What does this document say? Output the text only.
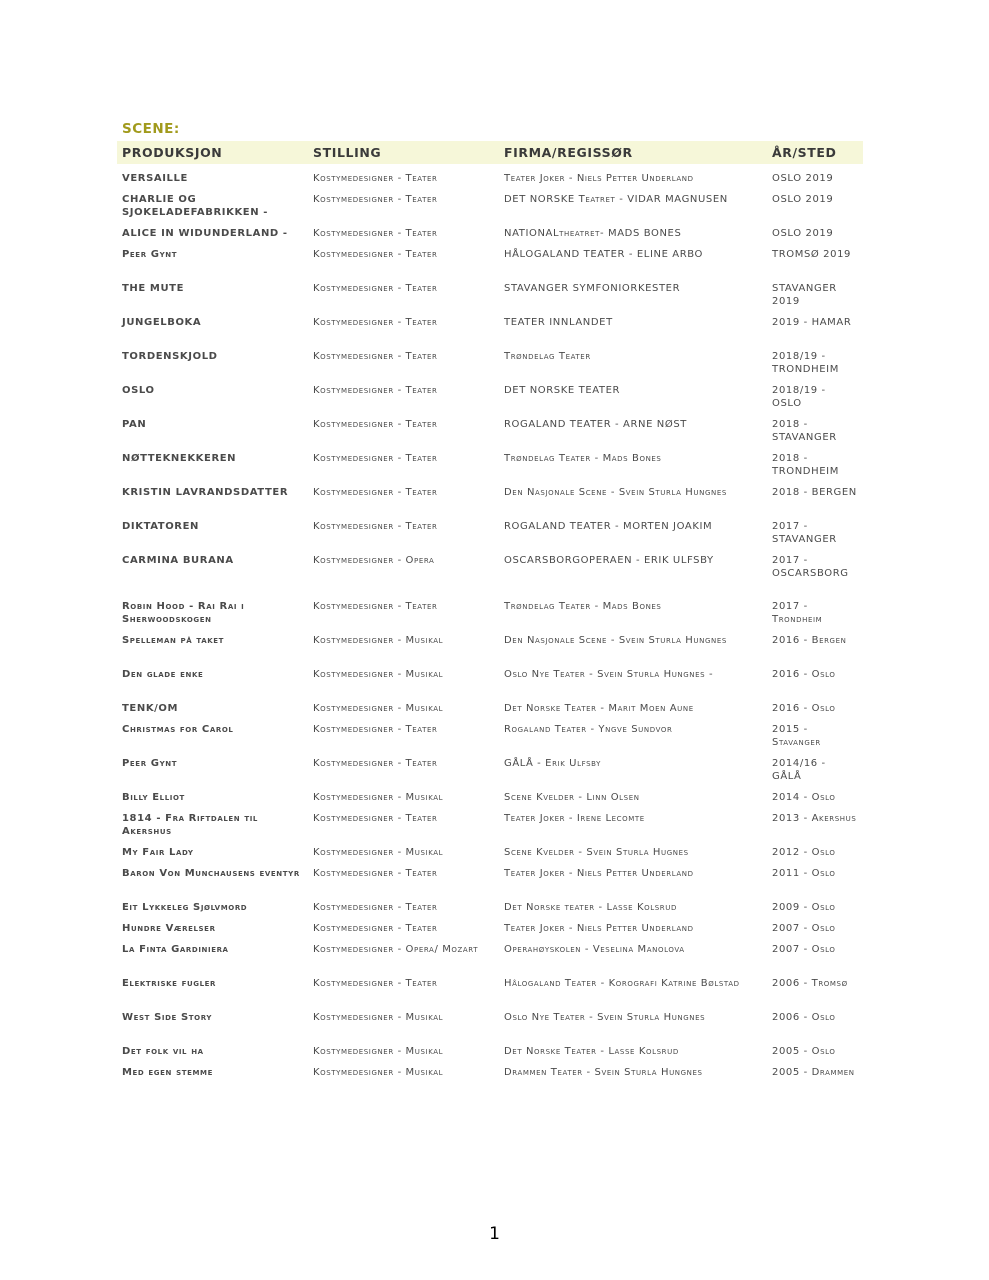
SCENE:
PRODUKSJON	STILLING	FIRMA/REGISSØR	ÅR/STED
VERSAILLE	Kostymedesigner - Teater	Teater Joker - Niels Petter Underland	OSLO 2019
CHARLIE OG SJOKELADEFABRIKKEN -	Kostymedesigner - Teater	DET NORSKE Teatret - VIDAR MAGNUSEN	OSLO 2019
ALICE IN WIDUNDERLAND -	Kostymedesigner - Teater	NATIONALtheatret- MADS BONES	OSLO 2019
Peer Gynt	Kostymedesigner - Teater	HÅLOGALAND TEATER - ELINE ARBO	TROMSØ 2019
THE MUTE	Kostymedesigner - Teater	STAVANGER SYMFONIORKESTER	STAVANGER 2019
JUNGELBOKA	Kostymedesigner - Teater	TEATER INNLANDET	2019 - HAMAR
TORDENSKJOLD	Kostymedesigner - Teater	Trøndelag Teater	2018/19 - TRONDHEIM
OSLO	Kostymedesigner - Teater	DET NORSKE TEATER	2018/19 - OSLO
PAN	Kostymedesigner - Teater	ROGALAND TEATER - ARNE NØST	2018 - STAVANGER
NØTTEKNEKKEREN	Kostymedesigner - Teater	Trøndelag Teater - Mads Bones	2018 - TRONDHEIM
KRISTIN LAVRANDSDATTER	Kostymedesigner - Teater	Den Nasjonale Scene - Svein Sturla Hungnes	2018 - BERGEN
DIKTATOREN	Kostymedesigner - Teater	ROGALAND TEATER - MORTEN JOAKIM	2017 - STAVANGER
CARMINA BURANA	Kostymedesigner - Opera	OSCARSBORGOPERAEN - ERIK ULFSBY	2017 - OSCARSBORG
Robin Hood - Rai Rai i Sherwoodskogen	Kostymedesigner - Teater	Trøndelag Teater - Mads Bones	2017 - Trondheim
Spelleman på taket	Kostymedesigner - Musikal	Den Nasjonale Scene - Svein Sturla Hungnes	2016 - Bergen
Den glade enke	Kostymedesigner - Musikal	Oslo Nye Teater - Svein Sturla Hungnes -	2016 - Oslo
TENK/OM	Kostymedesigner - Musikal	Det Norske Teater - Marit Moen Aune	2016 - Oslo
Christmas for Carol	Kostymedesigner - Teater	Rogaland Teater - Yngve Sundvor	2015 - Stavanger
Peer Gynt	Kostymedesigner - Teater	GÅLÅ - Erik Ulfsby	2014/16 - GÅLÅ
Billy Elliot	Kostymedesigner - Musikal	Scene Kvelder - Linn Olsen	2014 - Oslo
1814 - Fra Riftdalen til Akershus	Kostymedesigner - Teater	Teater Joker - Irene Lecomte	2013 - Akershus
My Fair Lady	Kostymedesigner - Musikal	Scene Kvelder - Svein Sturla Hugnes	2012 - Oslo
Baron Von Munchausens eventyr	Kostymedesigner - Teater	Teater Joker - Niels Petter Underland	2011 - Oslo
Eit Lykkeleg Sjølvmord	Kostymedesigner - Teater	Det Norske teater - Lasse Kolsrud	2009 - Oslo
Hundre Værelser	Kostymedesigner - Teater	Teater Joker - Niels Petter Underland	2007 - Oslo
La Finta Gardiniera	Kostymedesigner - Opera/ Mozart	Operahøyskolen - Veselina Manolova	2007 - Oslo
Elektriske fugler	Kostymedesigner - Teater	Hålogaland Teater - Korografi Katrine Bølstad	2006 - Tromsø
West Side Story	Kostymedesigner - Musikal	Oslo Nye Teater - Svein Sturla Hungnes	2006 - Oslo
Det folk vil ha	Kostymedesigner - Musikal	Det Norske Teater - Lasse Kolsrud	2005 - Oslo
Med egen stemme	Kostymedesigner - Musikal	Drammen Teater - Svein Sturla Hungnes	2005 - Drammen
1
